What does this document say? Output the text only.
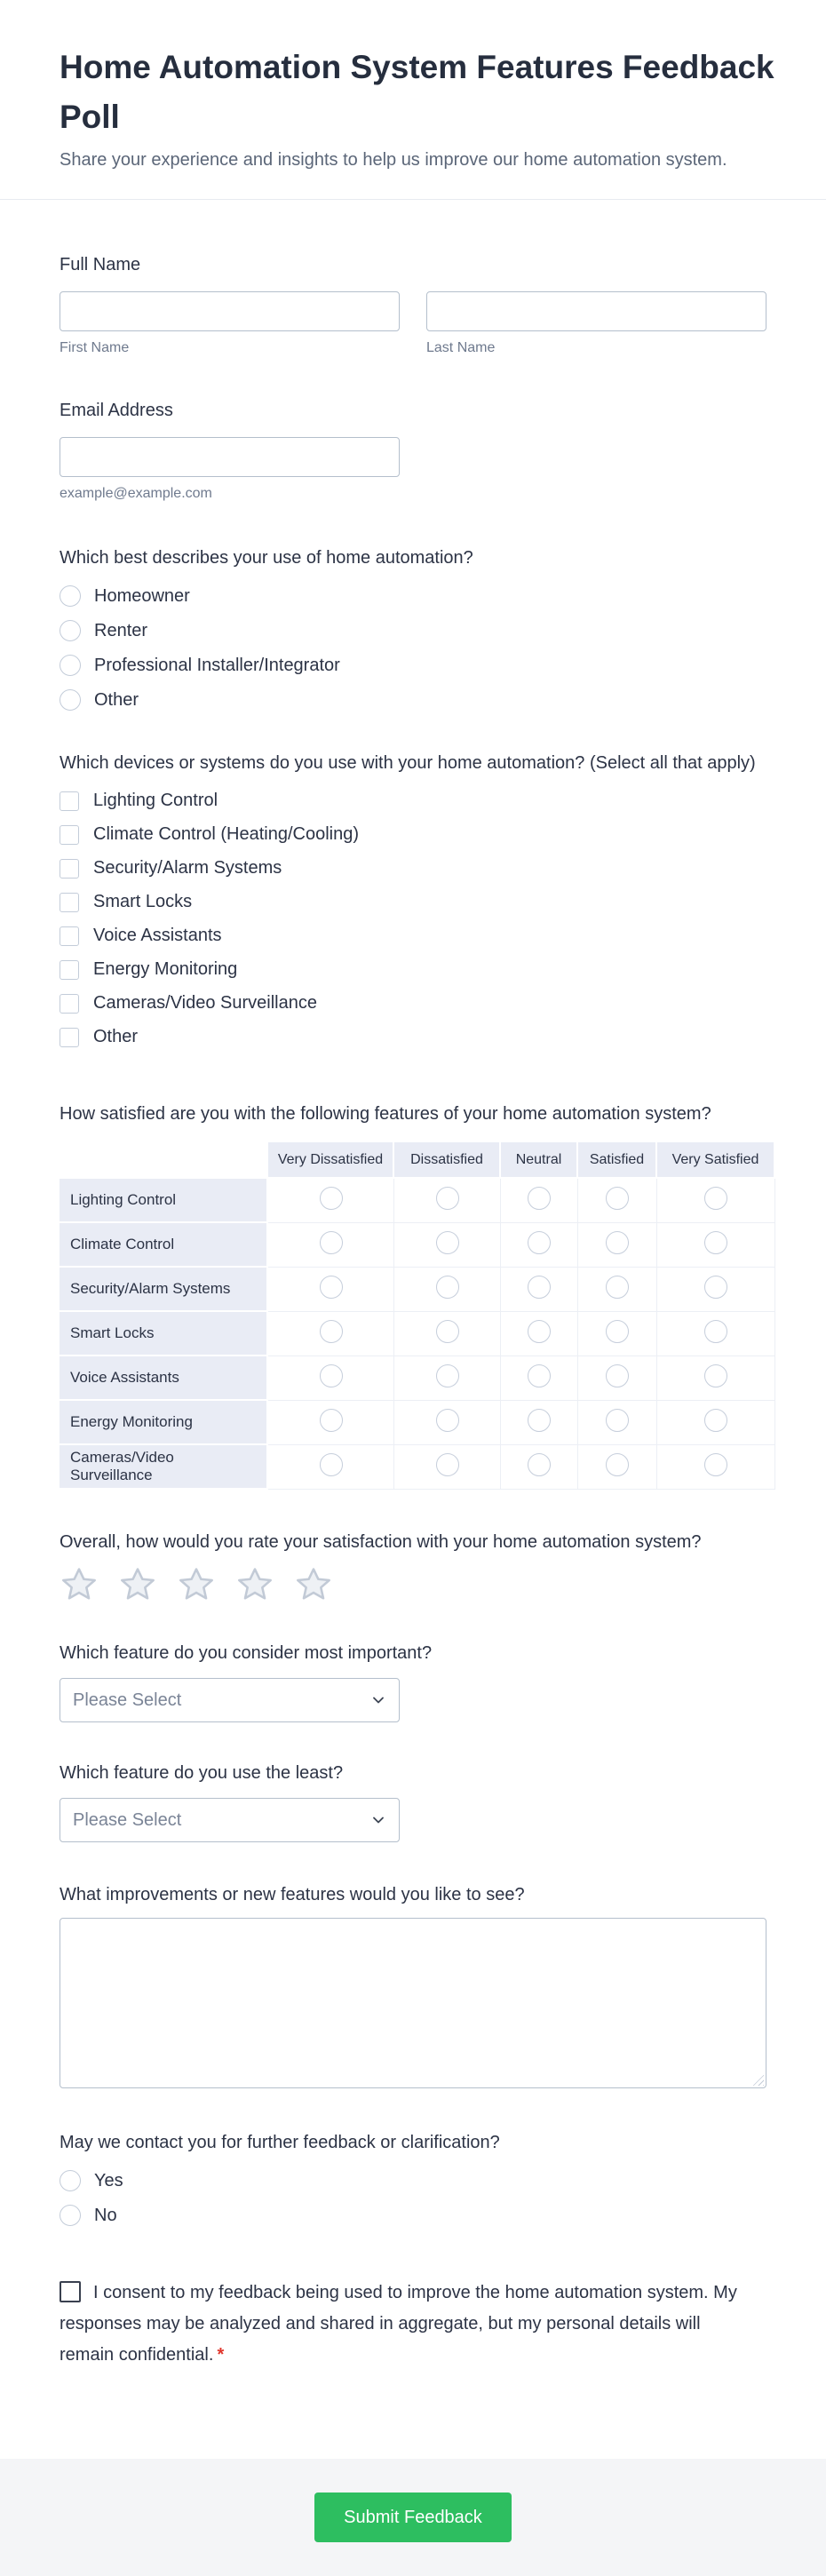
Home Automation System Features Feedback Poll

Share your experience and insights to help us improve our home automation system.

Full Name
First Name	Last Name
Email Address
example@example.com
Which best describes your use of home automation?
Homeowner
Renter
Professional Installer/Integrator
Other
Which devices or systems do you use with your home automation? (Select all that apply)
Lighting Control
Climate Control (Heating/Cooling)
Security/Alarm Systems
Smart Locks
Voice Assistants
Energy Monitoring
Cameras/Video Surveillance
Other
How satisfied are you with the following features of your home automation system?
	Very Dissatisfied	Dissatisfied	Neutral	Satisfied	Very Satisfied
Lighting Control					
Climate Control					
Security/Alarm Systems					
Smart Locks					
Voice Assistants					
Energy Monitoring					
Cameras/Video Surveillance					
Overall, how would you rate your satisfaction with your home automation system?
Which feature do you consider most important?
Please Select
Which feature do you use the least?
Please Select
What improvements or new features would you like to see?
May we contact you for further feedback or clarification?
Yes
No
I consent to my feedback being used to improve the home automation system. My responses may be analyzed and shared in aggregate, but my personal details will remain confidential. *
Submit Feedback
